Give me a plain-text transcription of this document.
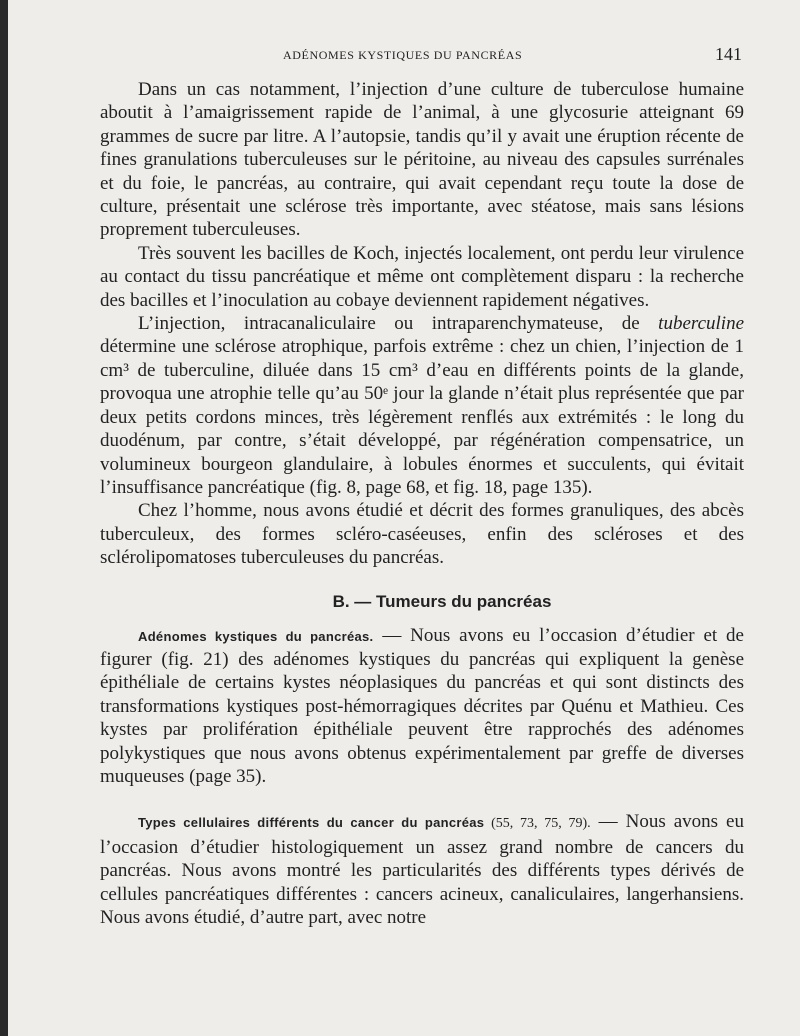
ADÉNOMES KYSTIQUES DU PANCRÉAS	141

Dans un cas notamment, l’injection d’une culture de tuberculose humaine aboutit à l’amaigrissement rapide de l’animal, à une glycosurie atteignant 69 grammes de sucre par litre. A l’autopsie, tandis qu’il y avait une éruption récente de fines granulations tuberculeuses sur le péritoine, au niveau des capsules surrénales et du foie, le pancréas, au contraire, qui avait cependant reçu toute la dose de culture, présentait une sclérose très importante, avec stéatose, mais sans lésions proprement tuberculeuses.

Très souvent les bacilles de Koch, injectés localement, ont perdu leur virulence au contact du tissu pancréatique et même ont complètement disparu : la recherche des bacilles et l’inoculation au cobaye deviennent rapidement négatives.

L’injection, intracanaliculaire ou intraparenchymateuse, de tuberculine détermine une sclérose atrophique, parfois extrême : chez un chien, l’injection de 1 cm³ de tuberculine, diluée dans 15 cm³ d’eau en différents points de la glande, provoqua une atrophie telle qu’au 50ᵉ jour la glande n’était plus représentée que par deux petits cordons minces, très légèrement renflés aux extrémités : le long du duodénum, par contre, s’était développé, par régénération compensatrice, un volumineux bourgeon glandulaire, à lobules énormes et succulents, qui évitait l’insuffisance pancréatique (fig. 8, page 68, et fig. 18, page 135).

Chez l’homme, nous avons étudié et décrit des formes granuliques, des abcès tuberculeux, des formes scléro-caséeuses, enfin des scléroses et des sclérolipomatoses tuberculeuses du pancréas.

B. — Tumeurs du pancréas

Adénomes kystiques du pancréas. — Nous avons eu l’occasion d’étudier et de figurer (fig. 21) des adénomes kystiques du pancréas qui expliquent la genèse épithéliale de certains kystes néoplasiques du pancréas et qui sont distincts des transformations kystiques post-hémorragiques décrites par Quénu et Mathieu. Ces kystes par prolifération épithéliale peuvent être rapprochés des adénomes polykystiques que nous avons obtenus expérimentalement par greffe de diverses muqueuses (page 35).

Types cellulaires différents du cancer du pancréas (55, 73, 75, 79). — Nous avons eu l’occasion d’étudier histologiquement un assez grand nombre de cancers du pancréas. Nous avons montré les particularités des différents types dérivés de cellules pancréatiques différentes : cancers acineux, canaliculaires, langerhansiens. Nous avons étudié, d’autre part, avec notre
